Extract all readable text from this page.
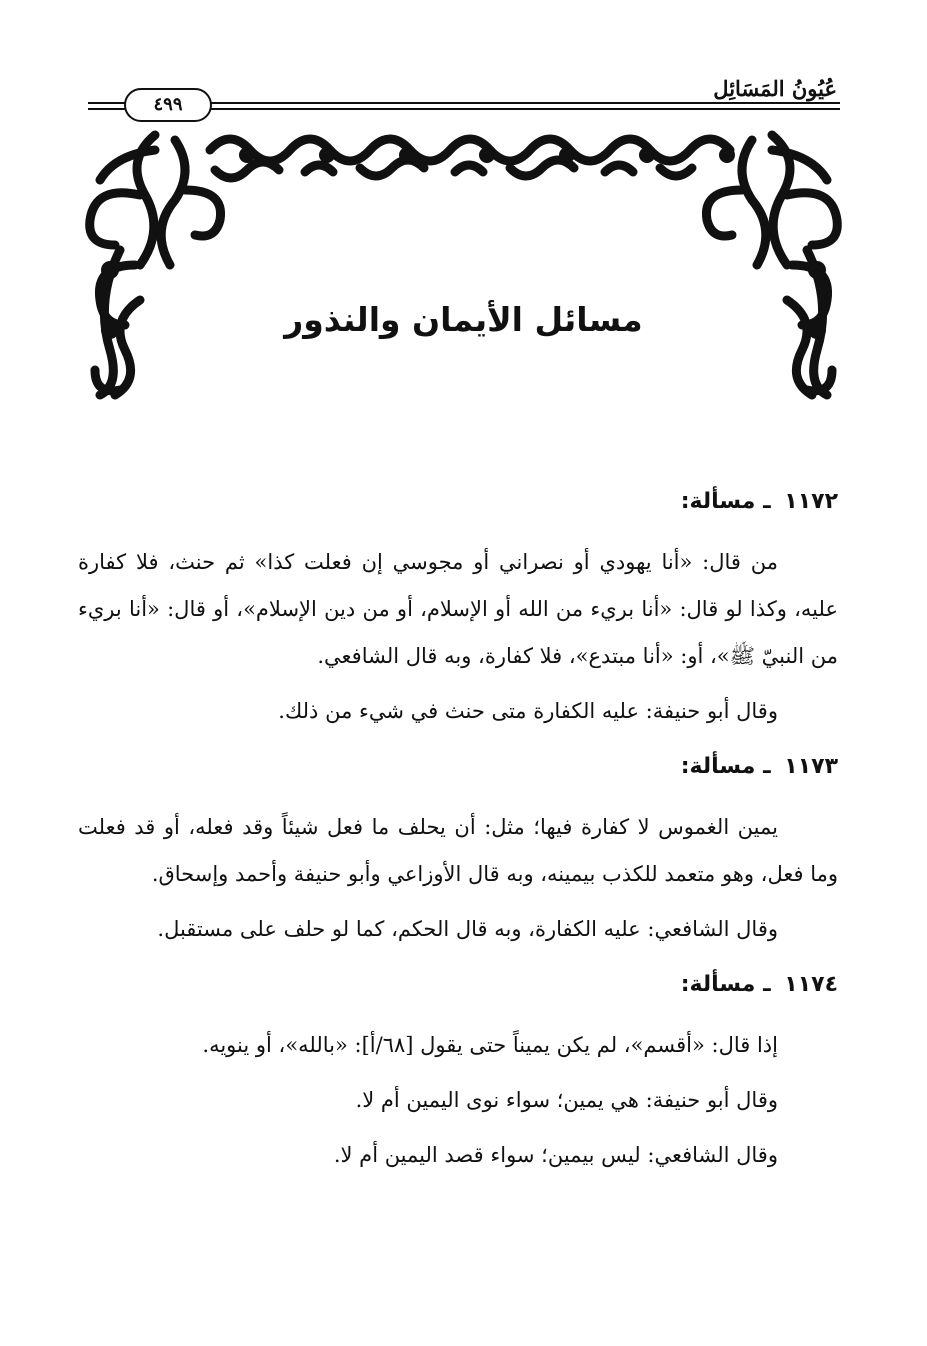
عُيُونُ المَسَائِل
٤٩٩
مسائل الأيمان والنذور
١١٧٢ ـ مسألة:

من قال: «أنا يهودي أو نصراني أو مجوسي إن فعلت كذا» ثم حنث، فلا كفارة عليه، وكذا لو قال: «أنا بريء من الله أو الإسلام، أو من دين الإسلام»، أو قال: «أنا بريء من النبيّ ﷺ»، أو: «أنا مبتدع»، فلا كفارة، وبه قال الشافعي.

وقال أبو حنيفة: عليه الكفارة متى حنث في شيء من ذلك.

١١٧٣ ـ مسألة:

يمين الغموس لا كفارة فيها؛ مثل: أن يحلف ما فعل شيئاً وقد فعله، أو قد فعلت وما فعل، وهو متعمد للكذب بيمينه، وبه قال الأوزاعي وأبو حنيفة وأحمد وإسحاق.

وقال الشافعي: عليه الكفارة، وبه قال الحكم، كما لو حلف على مستقبل.

١١٧٤ ـ مسألة:

إذا قال: «أقسم»، لم يكن يميناً حتى يقول [٦٨/أ]: «بالله»، أو ينويه.

وقال أبو حنيفة: هي يمين؛ سواء نوى اليمين أم لا.

وقال الشافعي: ليس بيمين؛ سواء قصد اليمين أم لا.
